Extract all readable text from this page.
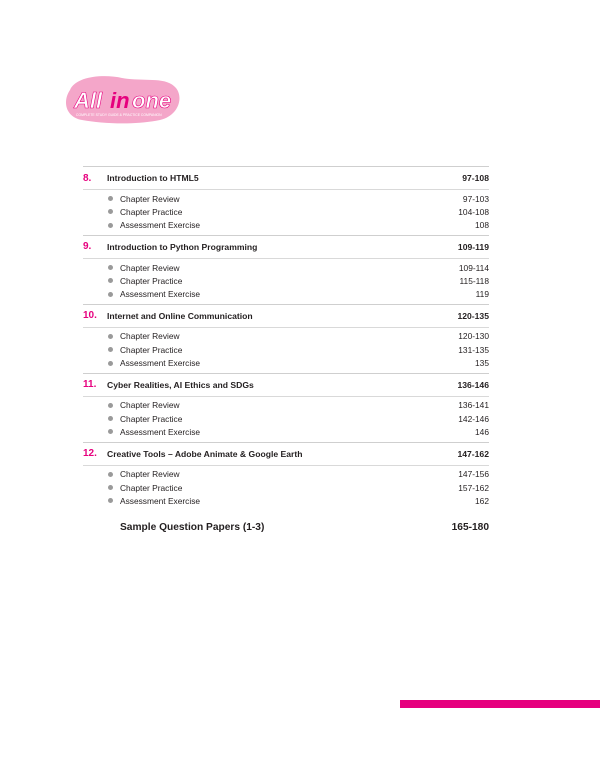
All in one
COMPLETE STUDY GUIDE & PRACTICE COMPANION
8.	Introduction to HTML5	97-108
Chapter Review	97-103
Chapter Practice	104-108
Assessment Exercise	108
9.	Introduction to Python Programming	109-119
Chapter Review	109-114
Chapter Practice	115-118
Assessment Exercise	119
10.	Internet and Online Communication	120-135
Chapter Review	120-130
Chapter Practice	131-135
Assessment Exercise	135
11.	Cyber Realities, AI Ethics and SDGs	136-146
Chapter Review	136-141
Chapter Practice	142-146
Assessment Exercise	146
12.	Creative Tools – Adobe Animate & Google Earth	147-162
Chapter Review	147-156
Chapter Practice	157-162
Assessment Exercise	162
Sample Question Papers (1-3)	165-180
